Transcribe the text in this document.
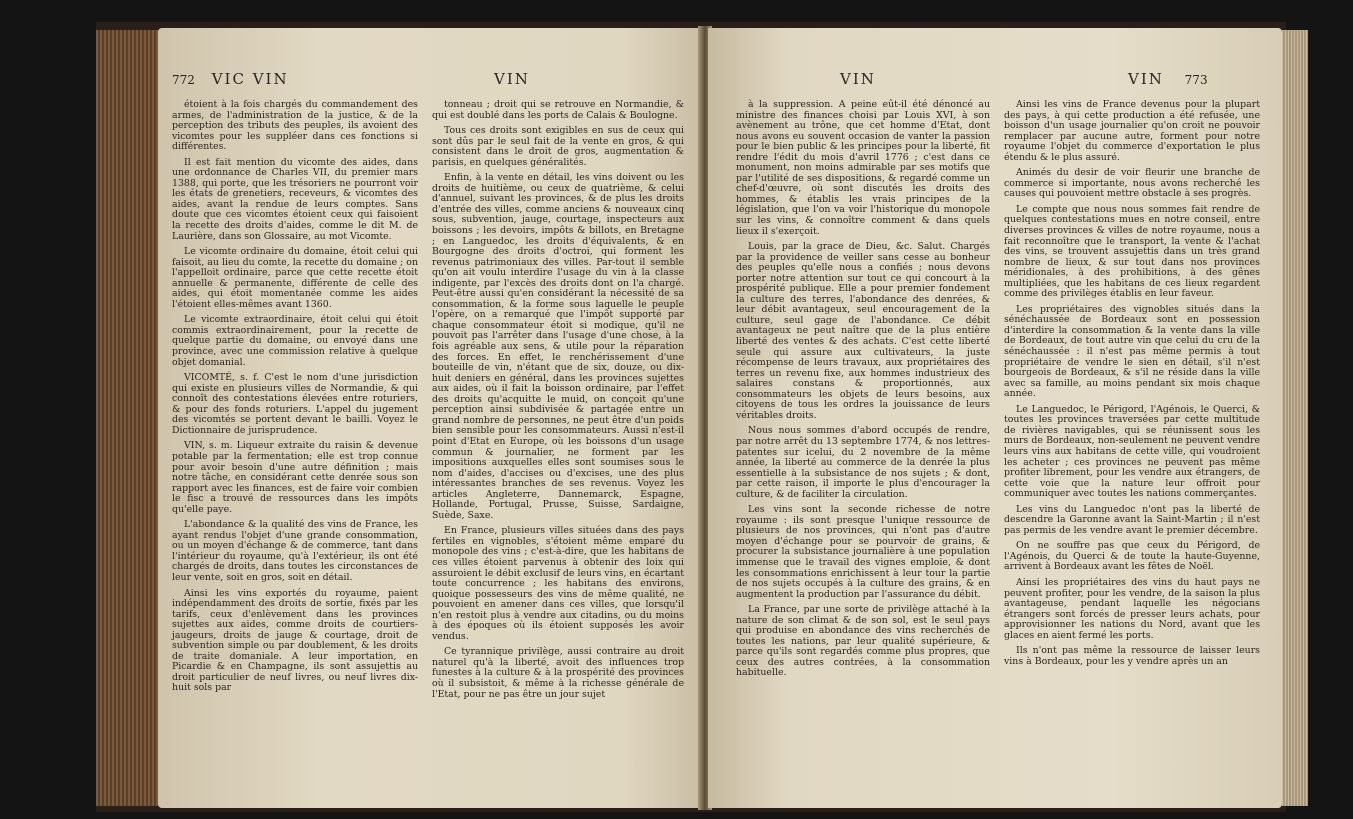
772 VIC VIN	VIN

étoient à la fois chargés du commandement des armes, de l'administration de la justice, & de la perception des tributs des peuples, ils avoient des vicomtes pour les suppléer dans ces fonctions si différentes.

Il est fait mention du vicomte des aides, dans une ordonnance de Charles VII, du premier mars 1388, qui porte, que les trésoriers ne pourront voir les états de grenetiers, receveurs, & vicomtes des aides, avant la rendue de leurs comptes. Sans doute que ces vicomtes étoient ceux qui faisoient la recette des droits d'aides, comme le dit M. de Laurière, dans son Glossaire, au mot Vicomte.

Le vicomte ordinaire du domaine, étoit celui qui faisoit, au lieu du comte, la recette du domaine ; on l'appelloit ordinaire, parce que cette recette étoit annuelle & permanente, différente de celle des aides, qui étoit momentanée comme les aides l'étoient elles-mêmes avant 1360.

Le vicomte extraordinaire, étoit celui qui étoit commis extraordinairement, pour la recette de quelque partie du domaine, ou envoyé dans une province, avec une commission relative à quelque objet domanial.

VICOMTÉ, s. f. C'est le nom d'une jurisdiction qui existe en plusieurs villes de Normandie, & qui connoît des contestations élevées entre roturiers, & pour des fonds roturiers. L'appel du jugement des vicomtés se portent devant le bailli. Voyez le Dictionnaire de jurisprudence.

VIN, s. m. Liqueur extraite du raisin & devenue potable par la fermentation; elle est trop connue pour avoir besoin d'une autre définition ; mais notre tâche, en considérant cette denrée sous son rapport avec les finances, est de faire voir combien le fisc a trouvé de ressources dans les impôts qu'elle paye.

L'abondance & la qualité des vins de France, les ayant rendus l'objet d'une grande consommation, ou un moyen d'échange & de commerce, tant dans l'intérieur du royaume, qu'à l'extérieur, ils ont été chargés de droits, dans toutes les circonstances de leur vente, soit en gros, soit en détail.

Ainsi les vins exportés du royaume, paient indépendamment des droits de sortie, fixés par les tarifs, ceux d'enlèvement dans les provinces sujettes aux aides, comme droits de courtiers-jaugeurs, droits de jauge & courtage, droit de subvention simple ou par doublement, & les droits de traite domaniale. A leur importation, en Picardie & en Champagne, ils sont assujettis au droit particulier de neuf livres, ou neuf livres dix-huit sols par

tonneau ; droit qui se retrouve en Normandie, & qui est doublé dans les ports de Calais & Boulogne.

Tous ces droits sont exigibles en sus de ceux qui sont dûs par le seul fait de la vente en gros, & qui consistent dans le droit de gros, augmentation & parisis, en quelques généralités.

Enfin, à la vente en détail, les vins doivent ou les droits de huitième, ou ceux de quatrième, & celui d'annuel, suivant les provinces, & de plus les droits d'entrée des villes, comme anciens & nouveaux cinq sous, subvention, jauge, courtage, inspecteurs aux boissons ; les devoirs, impôts & billots, en Bretagne ; en Languedoc, les droits d'équivalents, & en Bourgogne des droits d'octroi, qui forment les revenus patrimoniaux des villes. Par-tout il semble qu'on ait voulu interdire l'usage du vin à la classe indigente, par l'excès des droits dont on l'a chargé. Peut-être aussi qu'en considérant la nécessité de sa consommation, & la forme sous laquelle le peuple l'opère, on a remarqué que l'impôt supporté par chaque consommateur étoit si modique, qu'il ne pouvoit pas l'arrêter dans l'usage d'une chose, à la fois agréable aux sens, & utile pour la réparation des forces. En effet, le renchérissement d'une bouteille de vin, n'étant que de six, douze, ou dix-huit deniers en général, dans les provinces sujettes aux aides, où il fait la boisson ordinaire, par l'effet des droits qu'acquitte le muid, on conçoit qu'une perception ainsi subdivisée & partagée entre un grand nombre de personnes, ne peut être d'un poids bien sensible pour les consommateurs. Aussi n'est-il point d'Etat en Europe, où les boissons d'un usage commun & journalier, ne forment par les impositions auxquelles elles sont soumises sous le nom d'aides, d'accises ou d'excises, une des plus intéressantes branches de ses revenus. Voyez les articles Angleterre, Dannemarck, Espagne, Hollande, Portugal, Prusse, Suisse, Sardaigne, Suède, Saxe.

En France, plusieurs villes situées dans des pays fertiles en vignobles, s'étoient même emparé du monopole des vins ; c'est-à-dire, que les habitans de ces villes étoient parvenus à obtenir des loix qui assuroient le débit exclusif de leurs vins, en écartant toute concurrence ; les habitans des environs, quoique possesseurs des vins de même qualité, ne pouvoient en amener dans ces villes, que lorsqu'il n'en restoit plus à vendre aux citadins, ou du moins à des époques où ils étoient supposés les avoir vendus.

Ce tyrannique privilège, aussi contraire au droit naturel qu'à la liberté, avoit des influences trop funestes à la culture & à la prospérité des provinces où il subsistoit, & même à la richesse générale de l'Etat, pour ne pas être un jour sujet

VIN	VIN 773

à la suppression. A peine eût-il été dénoncé au ministre des finances choisi par Louis XVI, à son avènement au trône, que cet homme d'Etat, dont nous avons eu souvent occasion de vanter la passion pour le bien public & les principes pour la liberté, fit rendre l'édit du mois d'avril 1776 ; c'est dans ce monument, non moins admirable par ses motifs que par l'utilité de ses dispositions, & regardé comme un chef-d'œuvre, où sont discutés les droits des hommes, & établis les vrais principes de la législation, que l'on va voir l'historique du monopole sur les vins, & connoître comment & dans quels lieux il s'exerçoit.

Louis, par la grace de Dieu, &c. Salut. Chargés par la providence de veiller sans cesse au bonheur des peuples qu'elle nous a confiés ; nous devons porter notre attention sur tout ce qui concourt à la prospérité publique. Elle a pour premier fondement la culture des terres, l'abondance des denrées, & leur débit avantageux, seul encouragement de la culture, seul gage de l'abondance. Ce débit avantageux ne peut naître que de la plus entière liberté des ventes & des achats. C'est cette liberté seule qui assure aux cultivateurs, la juste récompense de leurs travaux, aux propriétaires des terres un revenu fixe, aux hommes industrieux des salaires constans & proportionnés, aux consommateurs les objets de leurs besoins, aux citoyens de tous les ordres la jouissance de leurs véritables droits.

Nous nous sommes d'abord occupés de rendre, par notre arrêt du 13 septembre 1774, & nos lettres-patentes sur icelui, du 2 novembre de la même année, la liberté au commerce de la denrée la plus essentielle à la subsistance de nos sujets ; & dont, par cette raison, il importe le plus d'encourager la culture, & de faciliter la circulation.

Les vins sont la seconde richesse de notre royaume : ils sont presque l'unique ressource de plusieurs de nos provinces, qui n'ont pas d'autre moyen d'échange pour se pourvoir de grains, & procurer la subsistance journalière à une population immense que le travail des vignes emploie, & dont les consommations enrichissent à leur tour la partie de nos sujets occupés à la culture des grains, & en augmentent la production par l'assurance du débit.

La France, par une sorte de privilège attaché à la nature de son climat & de son sol, est le seul pays qui produise en abondance des vins recherchés de toutes les nations, par leur qualité supérieure, & parce qu'ils sont regardés comme plus propres, que ceux des autres contrées, à la consommation habituelle.

Ainsi les vins de France devenus pour la plupart des pays, à qui cette production a été refusée, une boisson d'un usage journalier qu'on croit ne pouvoir remplacer par aucune autre, forment pour notre royaume l'objet du commerce d'exportation le plus étendu & le plus assuré.

Animés du desir de voir fleurir une branche de commerce si importante, nous avons recherché les causes qui pouvoient mettre obstacle à ses progrès.

Le compte que nous nous sommes fait rendre de quelques contestations mues en notre conseil, entre diverses provinces & villes de notre royaume, nous a fait reconnoître que le transport, la vente & l'achat des vins, se trouvent assujettis dans un très grand nombre de lieux, & sur tout dans nos provinces méridionales, à des prohibitions, à des gênes multipliées, que les habitans de ces lieux regardent comme des privilèges établis en leur faveur.

Les propriétaires des vignobles situés dans la sénéchaussée de Bordeaux sont en possession d'interdire la consommation & la vente dans la ville de Bordeaux, de tout autre vin que celui du cru de la sénéchaussée : il n'est pas même permis à tout propriétaire de vendre le sien en détail, s'il n'est bourgeois de Bordeaux, & s'il ne réside dans la ville avec sa famille, au moins pendant six mois chaque année.

Le Languedoc, le Périgord, l'Agénois, le Querci, & toutes les provinces traversées par cette multitude de rivières navigables, qui se réunissent sous les murs de Bordeaux, non-seulement ne peuvent vendre leurs vins aux habitans de cette ville, qui voudroient les acheter ; ces provinces ne peuvent pas même profiter librement, pour les vendre aux étrangers, de cette voie que la nature leur offroit pour communiquer avec toutes les nations commerçantes.

Les vins du Languedoc n'ont pas la liberté de descendre la Garonne avant la Saint-Martin ; il n'est pas permis de les vendre avant le premier décembre.

On ne souffre pas que ceux du Périgord, de l'Agénois, du Querci & de toute la haute-Guyenne, arrivent à Bordeaux avant les fêtes de Noël.

Ainsi les propriétaires des vins du haut pays ne peuvent profiter, pour les vendre, de la saison la plus avantageuse, pendant laquelle les négocians étrangers sont forcés de presser leurs achats, pour approvisionner les nations du Nord, avant que les glaces en aient fermé les ports.

Ils n'ont pas même la ressource de laisser leurs vins à Bordeaux, pour les y vendre après un an
